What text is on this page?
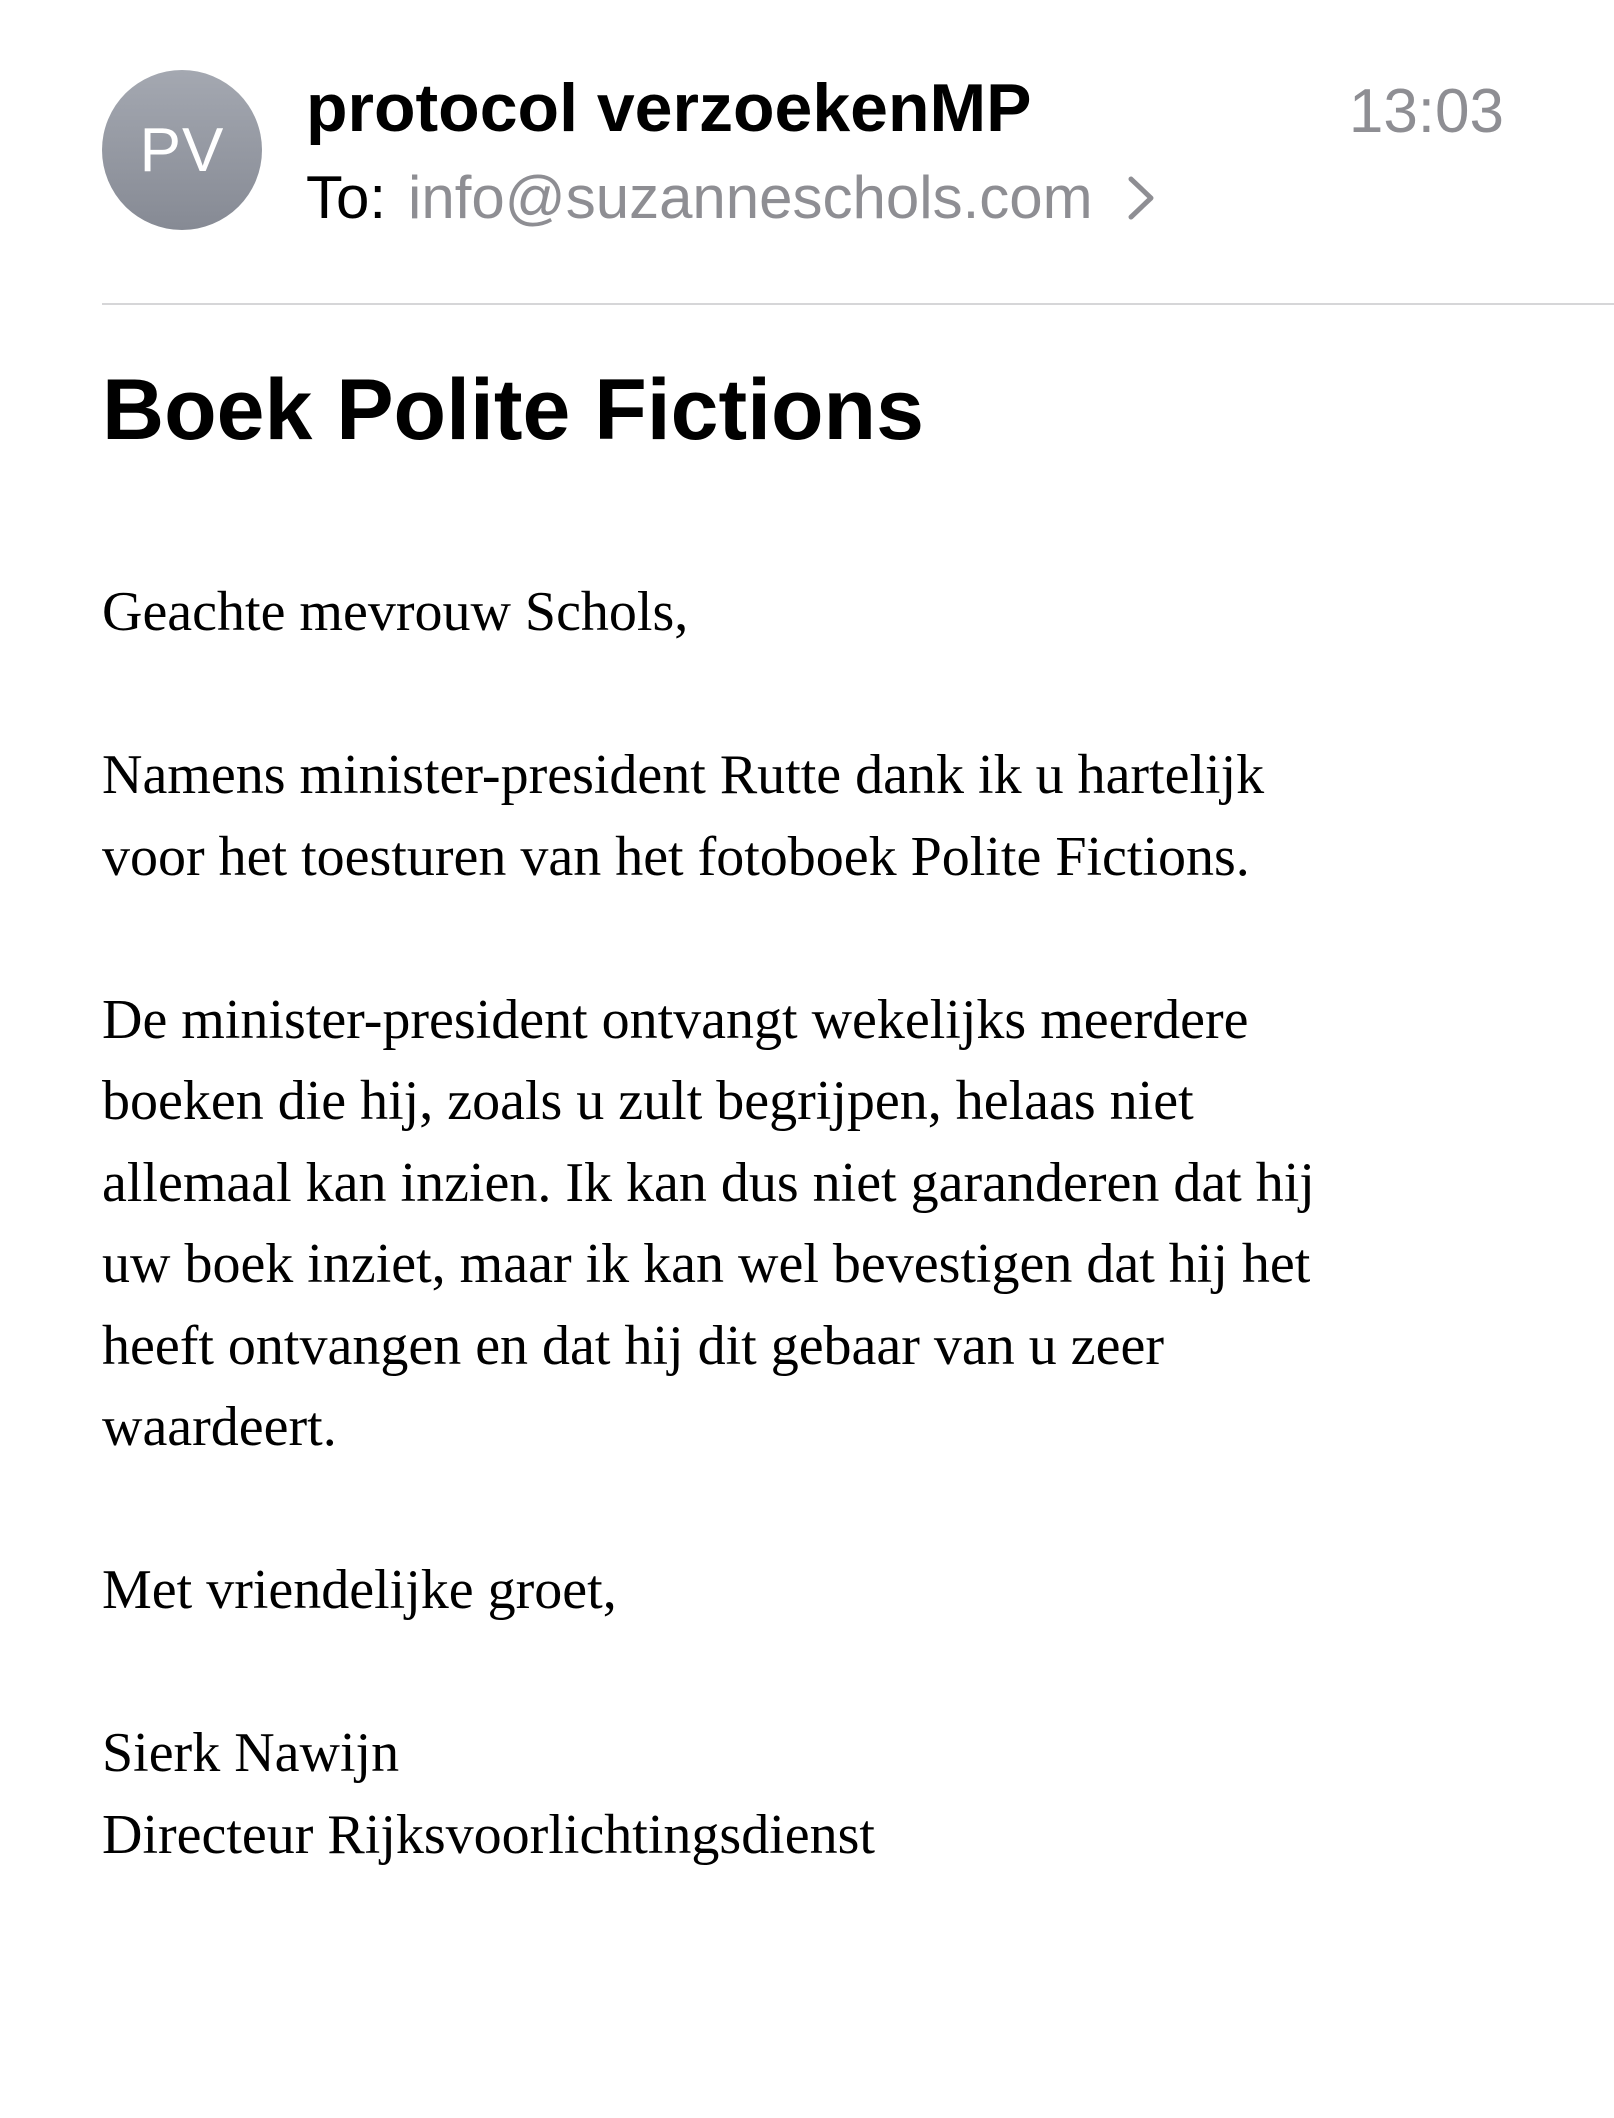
PV
protocol verzoekenMP	13:03
To: info@suzanneschols.com
Boek Polite Fictions

Geachte mevrouw Schols,

Namens minister-president Rutte dank ik u hartelijk

voor het toesturen van het fotoboek Polite Fictions.

De minister-president ontvangt wekelijks meerdere

boeken die hij, zoals u zult begrijpen, helaas niet

allemaal kan inzien. Ik kan dus niet garanderen dat hij

uw boek inziet, maar ik kan wel bevestigen dat hij het

heeft ontvangen en dat hij dit gebaar van u zeer

waardeert.

Met vriendelijke groet,

Sierk Nawijn

Directeur Rijksvoorlichtingsdienst
